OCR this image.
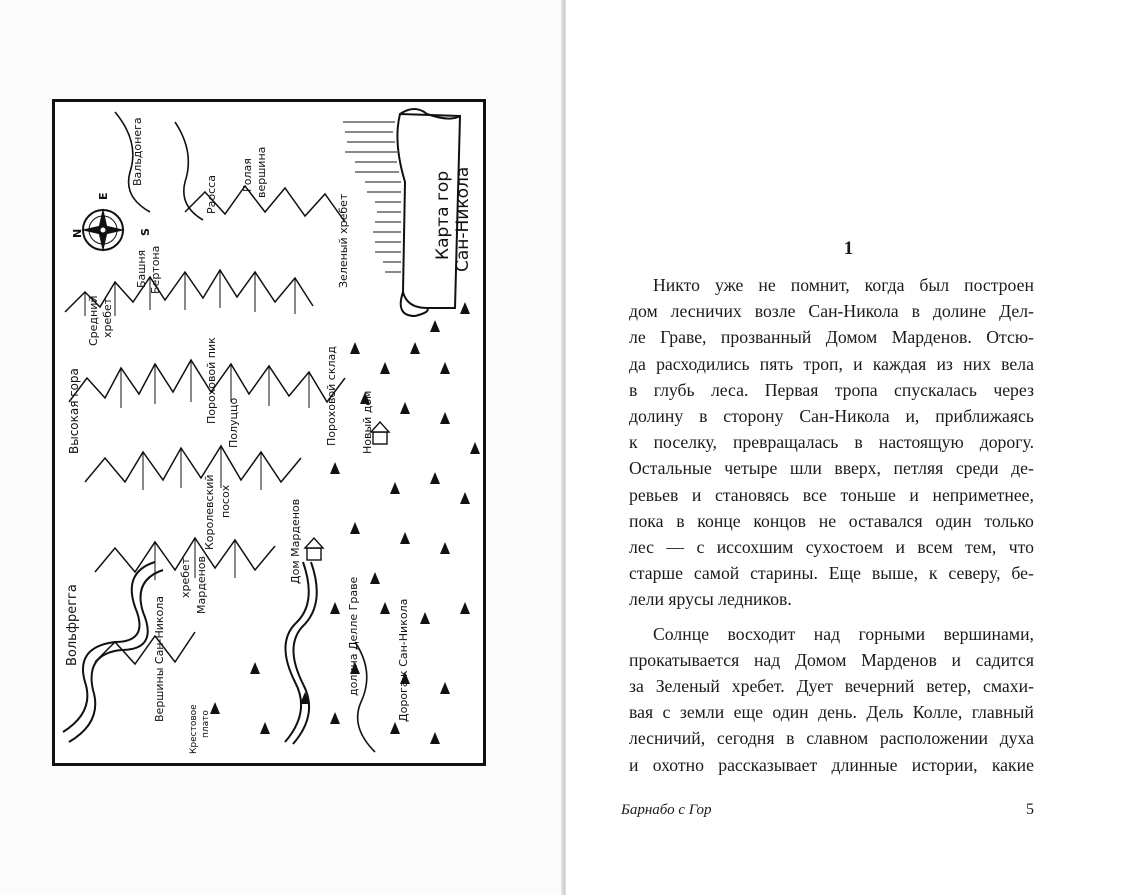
Карта гор Сан-Никола
N
E
S
Вальдонега
Раосса Голая вершина
Башня Бертона
Средний хребет
Зеленый хребет
Высокая гора	Пороховой пик Полуццо	Пороховой склад Новый дом
Королевский посох	Дом Марденов
хребет Марденов
Вершины Сан-Никола
Вольфрегга	долина Делле Граве	Дорога к Сан-Никола
Крестовое плато
1
Никто уже не помнит, когда был построен
дом лесничих возле Сан-Никола в долине Дел-
ле Граве, прозванный Домом Марденов. Отсю-
да расходились пять троп, и каждая из них вела
в глубь леса. Первая тропа спускалась через
долину в сторону Сан-Никола и, приближаясь
к поселку, превращалась в настоящую дорогу.
Остальные четыре шли вверх, петляя среди де-
ревьев и становясь все тоньше и неприметнее,
пока в конце концов не оставался один только
лес — с иссохшим сухостоем и всем тем, что
старше самой старины. Еще выше, к северу, бе-
лели ярусы ледников.
Солнце восходит над горными вершинами,
прокатывается над Домом Марденов и садится
за Зеленый хребет. Дует вечерний ветер, смахи-
вая с земли еще один день. Дель Колле, главный
лесничий, сегодня в славном расположении духа
и охотно рассказывает длинные истории, какие
Барнабо с Гор	5
